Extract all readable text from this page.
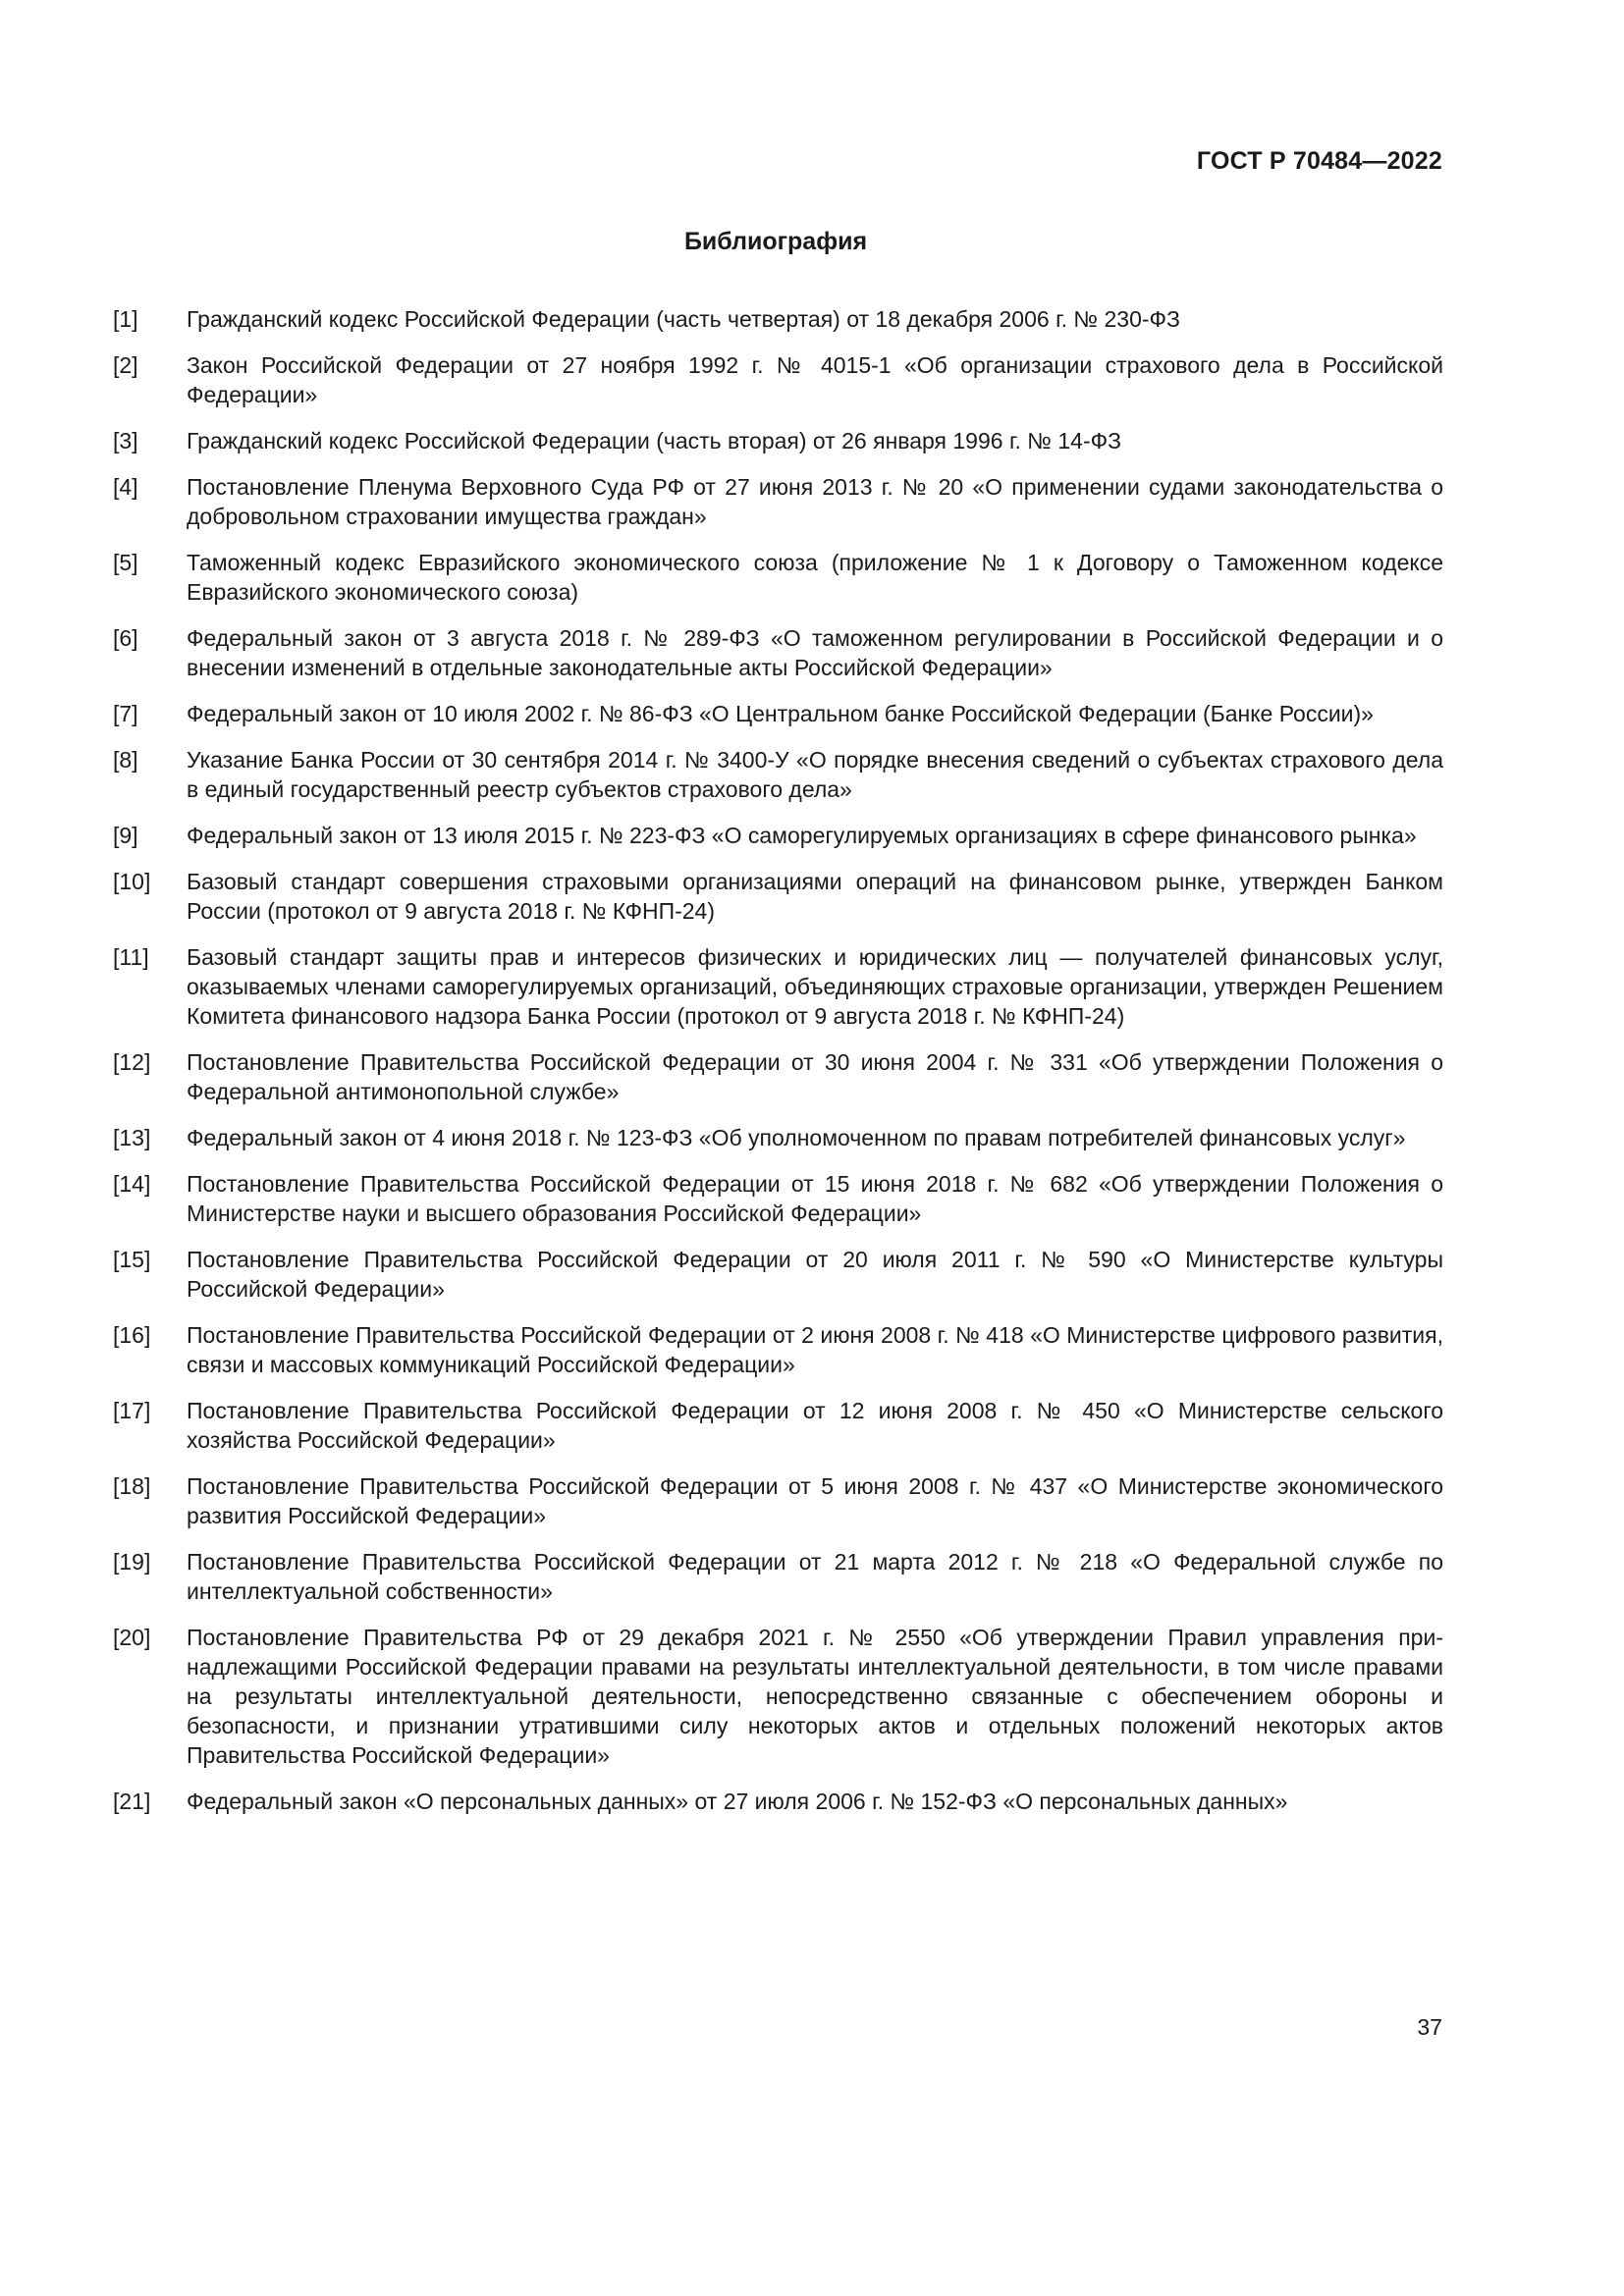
ГОСТ Р 70484—2022
Библиография
[1]	Гражданский кодекс Российской Федерации (часть четвертая) от 18 декабря 2006 г. № 230-ФЗ
[2]	Закон Российской Федерации от 27 ноября 1992 г. № 4015-1 «Об организации страхового дела в Российской Федерации»
[3]	Гражданский кодекс Российской Федерации (часть вторая) от 26 января 1996 г. № 14-ФЗ
[4]	Постановление Пленума Верховного Суда РФ от 27 июня 2013 г. № 20 «О применении судами законодательства о добровольном страховании имущества граждан»
[5]	Таможенный кодекс Евразийского экономического союза (приложение № 1 к Договору о Таможенном кодексе Евразийского экономического союза)
[6]	Федеральный закон от 3 августа 2018 г. № 289-ФЗ «О таможенном регулировании в Российской Федерации и о внесении изменений в отдельные законодательные акты Российской Федерации»
[7]	Федеральный закон от 10 июля 2002 г. № 86-ФЗ «О Центральном банке Российской Федерации (Банке России)»
[8]	Указание Банка России от 30 сентября 2014 г. № 3400-У «О порядке внесения сведений о субъектах страхового дела в единый государственный реестр субъектов страхового дела»
[9]	Федеральный закон от 13 июля 2015 г. № 223-ФЗ «О саморегулируемых организациях в сфере финансового рынка»
[10]	Базовый стандарт совершения страховыми организациями операций на финансовом рынке, утвержден Банком России (протокол от 9 августа 2018 г. № КФНП-24)
[11]	Базовый стандарт защиты прав и интересов физических и юридических лиц — получателей финансовых услуг, оказываемых членами саморегулируемых организаций, объединяющих страховые организации, утвержден Решением Комитета финансового надзора Банка России (протокол от 9 августа 2018 г. № КФНП-24)
[12]	Постановление Правительства Российской Федерации от 30 июня 2004 г. № 331 «Об утверждении Положения о Федеральной антимонопольной службе»
[13]	Федеральный закон от 4 июня 2018 г. № 123-ФЗ «Об уполномоченном по правам потребителей финансовых услуг»
[14]	Постановление Правительства Российской Федерации от 15 июня 2018 г. № 682 «Об утверждении Положения о Министерстве науки и высшего образования Российской Федерации»
[15]	Постановление Правительства Российской Федерации от 20 июля 2011 г. № 590 «О Министерстве культуры Российской Федерации»
[16]	Постановление Правительства Российской Федерации от 2 июня 2008 г. № 418 «О Министерстве цифрового развития, связи и массовых коммуникаций Российской Федерации»
[17]	Постановление Правительства Российской Федерации от 12 июня 2008 г. № 450 «О Министерстве сельского хозяйства Российской Федерации»
[18]	Постановление Правительства Российской Федерации от 5 июня 2008 г. № 437 «О Министерстве экономического развития Российской Федерации»
[19]	Постановление Правительства Российской Федерации от 21 марта 2012 г. № 218 «О Федеральной службе по интеллектуальной собственности»
[20]	Постановление Правительства РФ от 29 декабря 2021 г. № 2550 «Об утверждении Правил управления принадлежащими Российской Федерации правами на результаты интеллектуальной деятельности, в том числе правами на результаты интеллектуальной деятельности, непосредственно связанные с обеспечением обороны и безопасности, и признании утратившими силу некоторых актов и отдельных положений некоторых актов Правительства Российской Федерации»
[21]	Федеральный закон «О персональных данных» от 27 июля 2006 г. № 152-ФЗ «О персональных данных»
37
